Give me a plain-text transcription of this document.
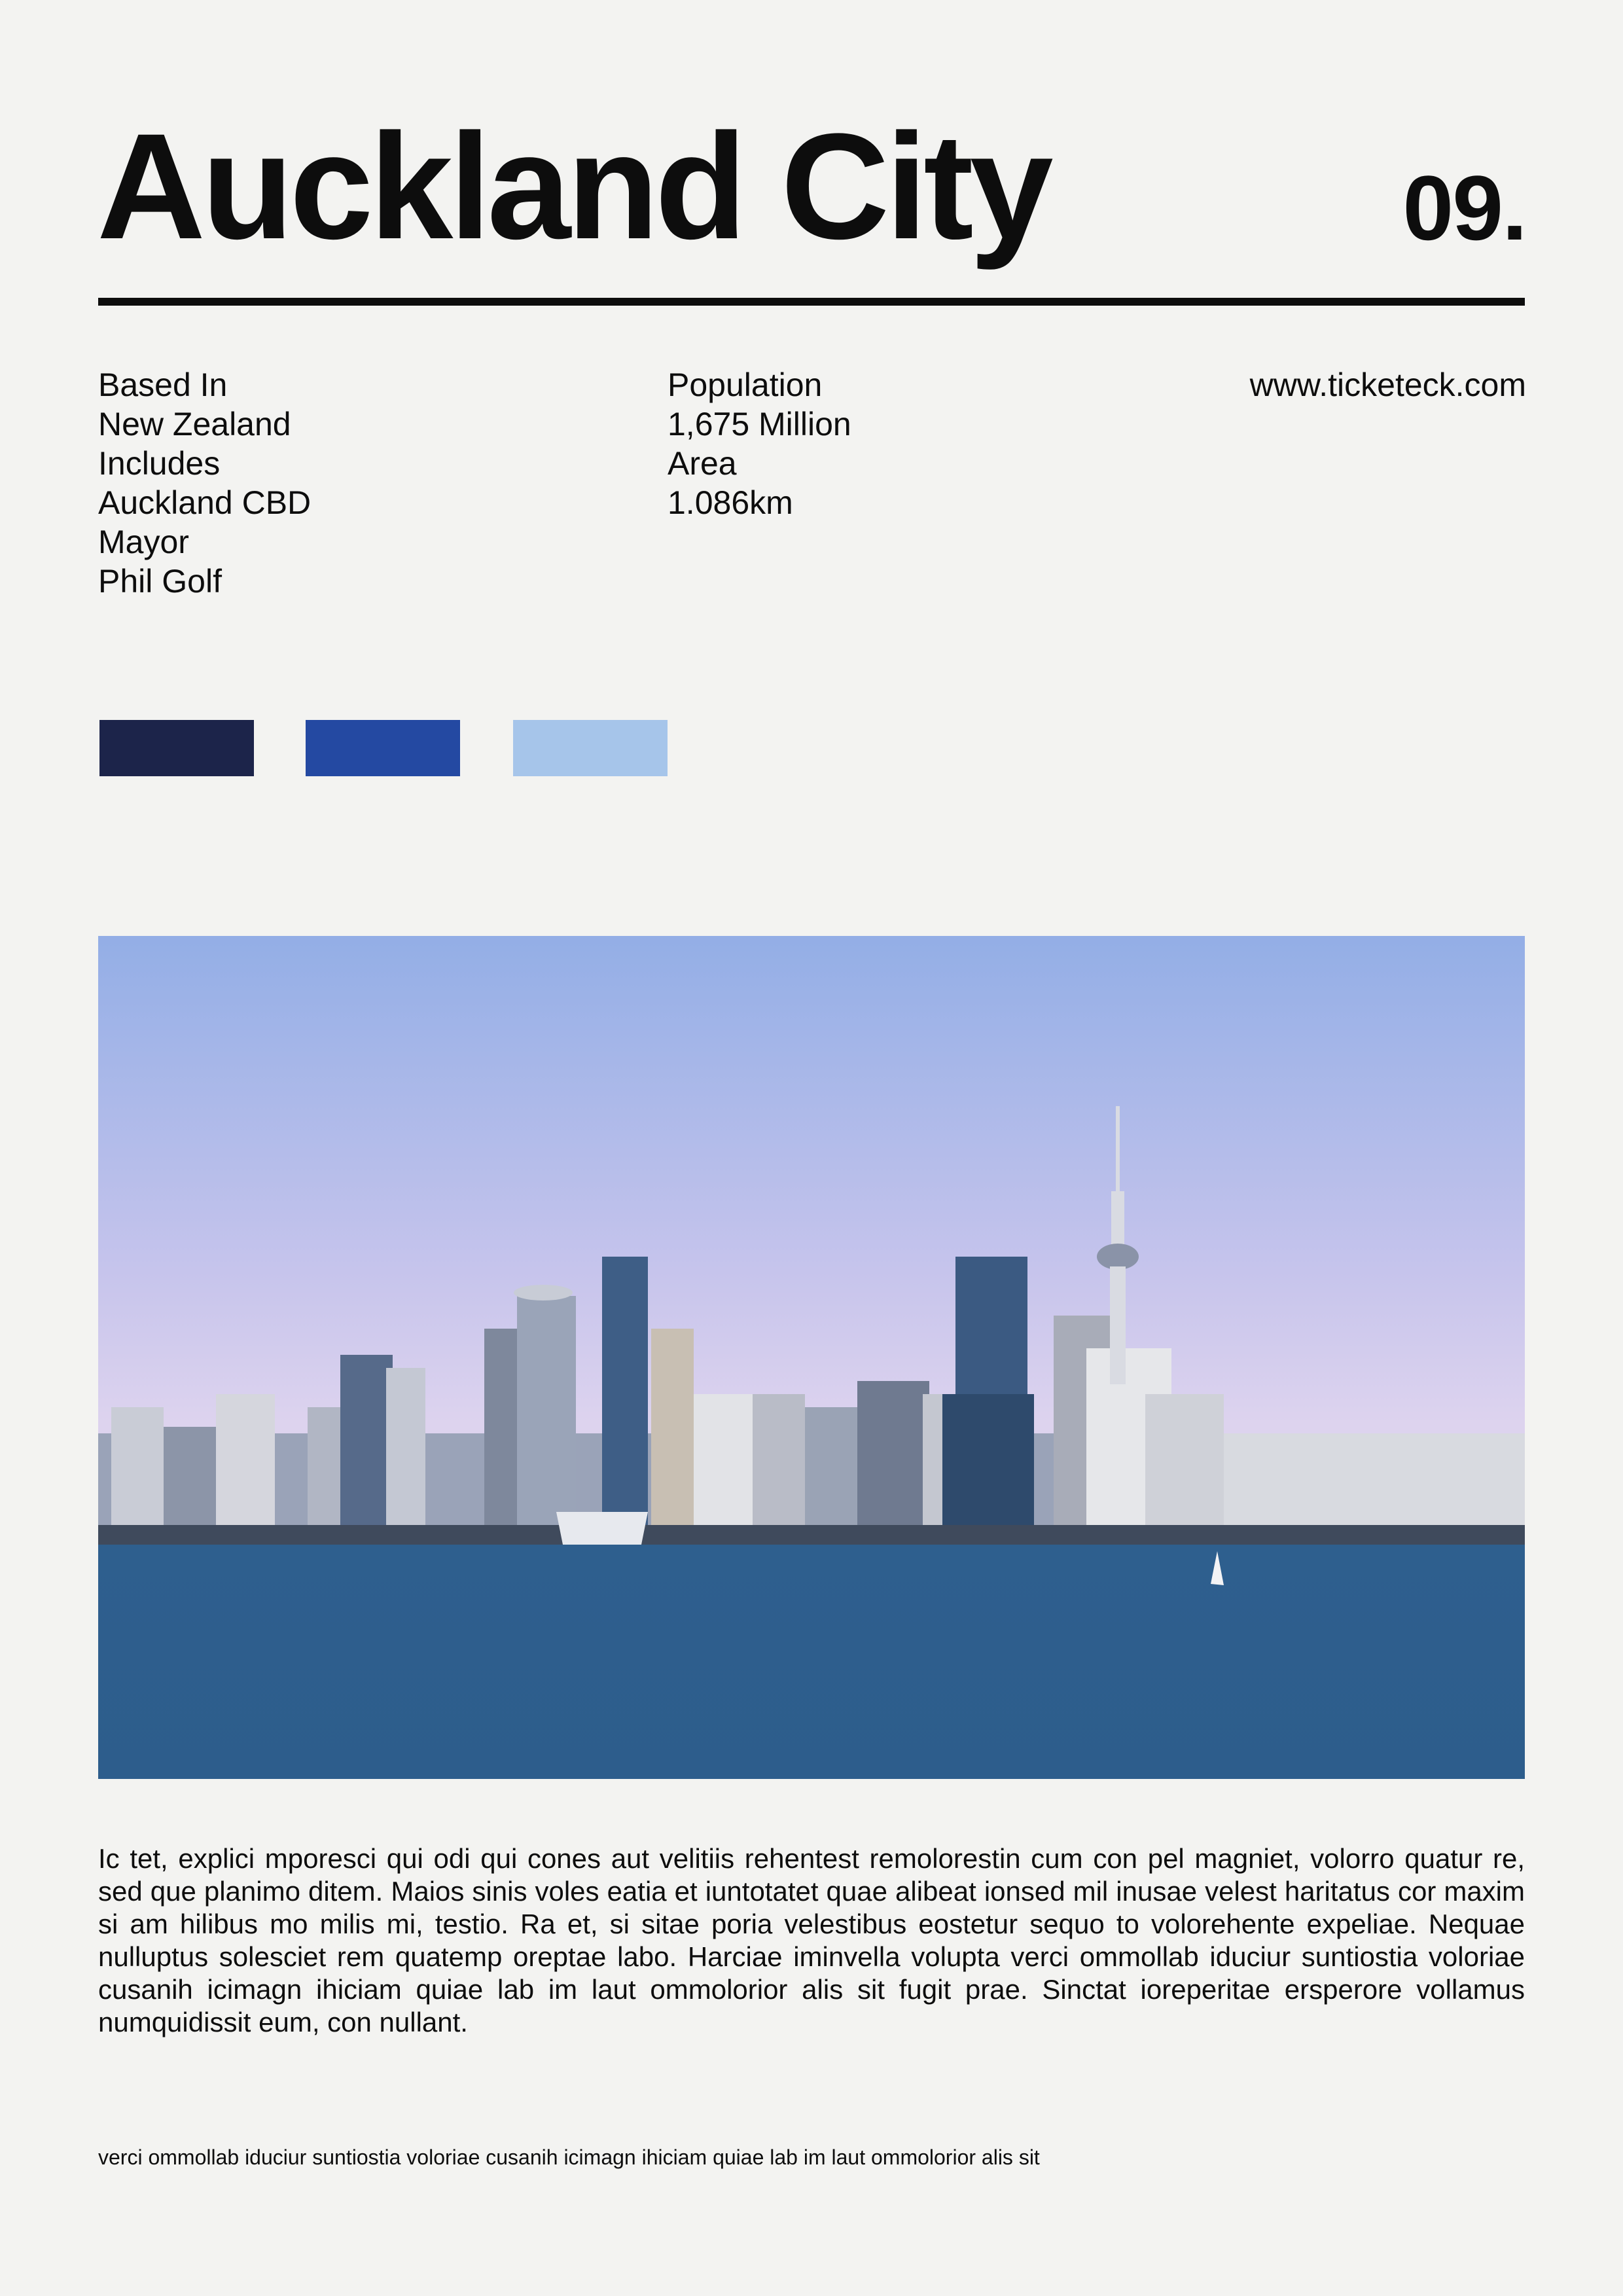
Auckland City	09.
Based In
New Zealand
Includes
Auckland CBD
Mayor
Phil Golf
Population
1,675 Million
Area
1.086km
www.ticketeck.com

Ic tet, explici mporesci qui odi qui cones aut velitiis rehentest remolorestin cum con pel magniet, volorro quatur re, sed que planimo ditem. Maios sinis voles eatia et iuntotatet quae alibeat ionsed mil inusae velest haritatus cor maxim si am hilibus mo milis mi, testio. Ra et, si sitae poria velestibus eostetur sequo to volorehente expeliae. Nequae nulluptus solesciet rem quatemp oreptae labo. Harciae iminvella volupta verci ommollab iduciur suntiostia voloriae cusanih icimagn ihiciam quiae lab im laut ommolorior alis sit fugit prae. Sinctat ioreperitae ersperore vollamus numquidissit eum, con nullant.

verci ommollab iduciur suntiostia voloriae cusanih icimagn ihiciam quiae lab im laut ommolorior alis sit
